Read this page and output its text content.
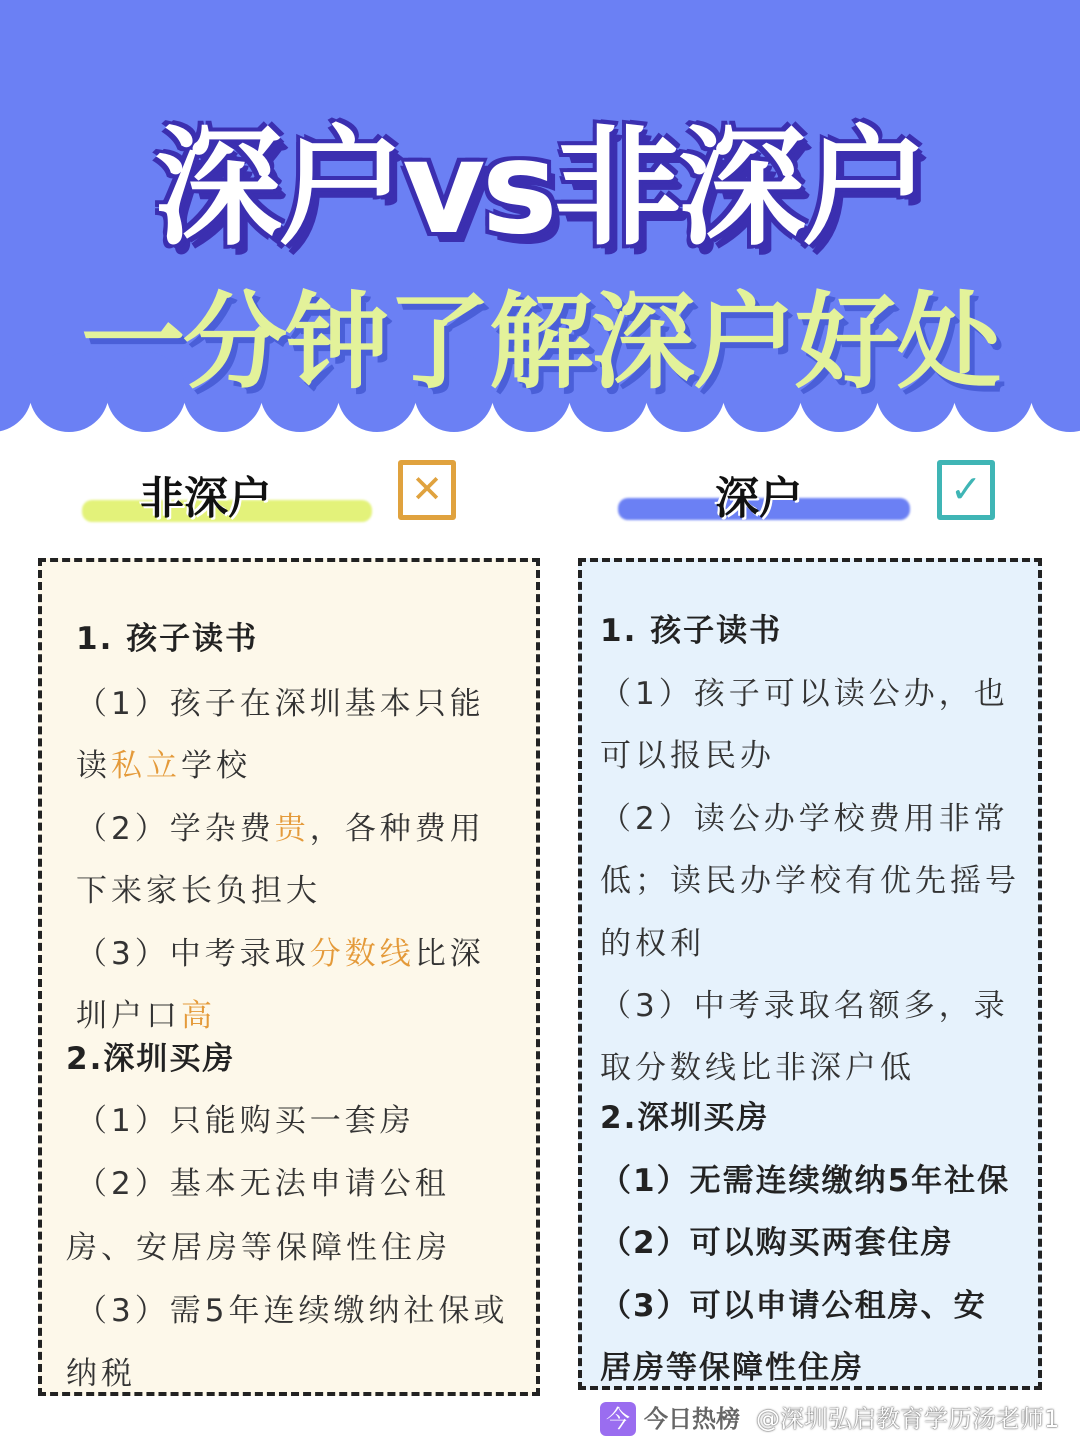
深户vs非深户
一分钟了解深户好处
非深户	✕	深户	✓
今 今日热榜 @深圳弘启教育学历汤老师1
1. 孩子读书
（1）孩子在深圳基本只能
读私立学校
（2）学杂费贵，各种费用
下来家长负担大
（3）中考录取分数线比深
圳户口高
2.深圳买房
（1）只能购买一套房
（2）基本无法申请公租
房、安居房等保障性住房
（3）需5年连续缴纳社保或
纳税
1. 孩子读书
（1）孩子可以读公办，也
可以报民办
（2）读公办学校费用非常
低；读民办学校有优先摇号
的权利
（3）中考录取名额多，录
取分数线比非深户低
2.深圳买房
（1）无需连续缴纳5年社保
（2）可以购买两套住房
（3）可以申请公租房、安
居房等保障性住房
